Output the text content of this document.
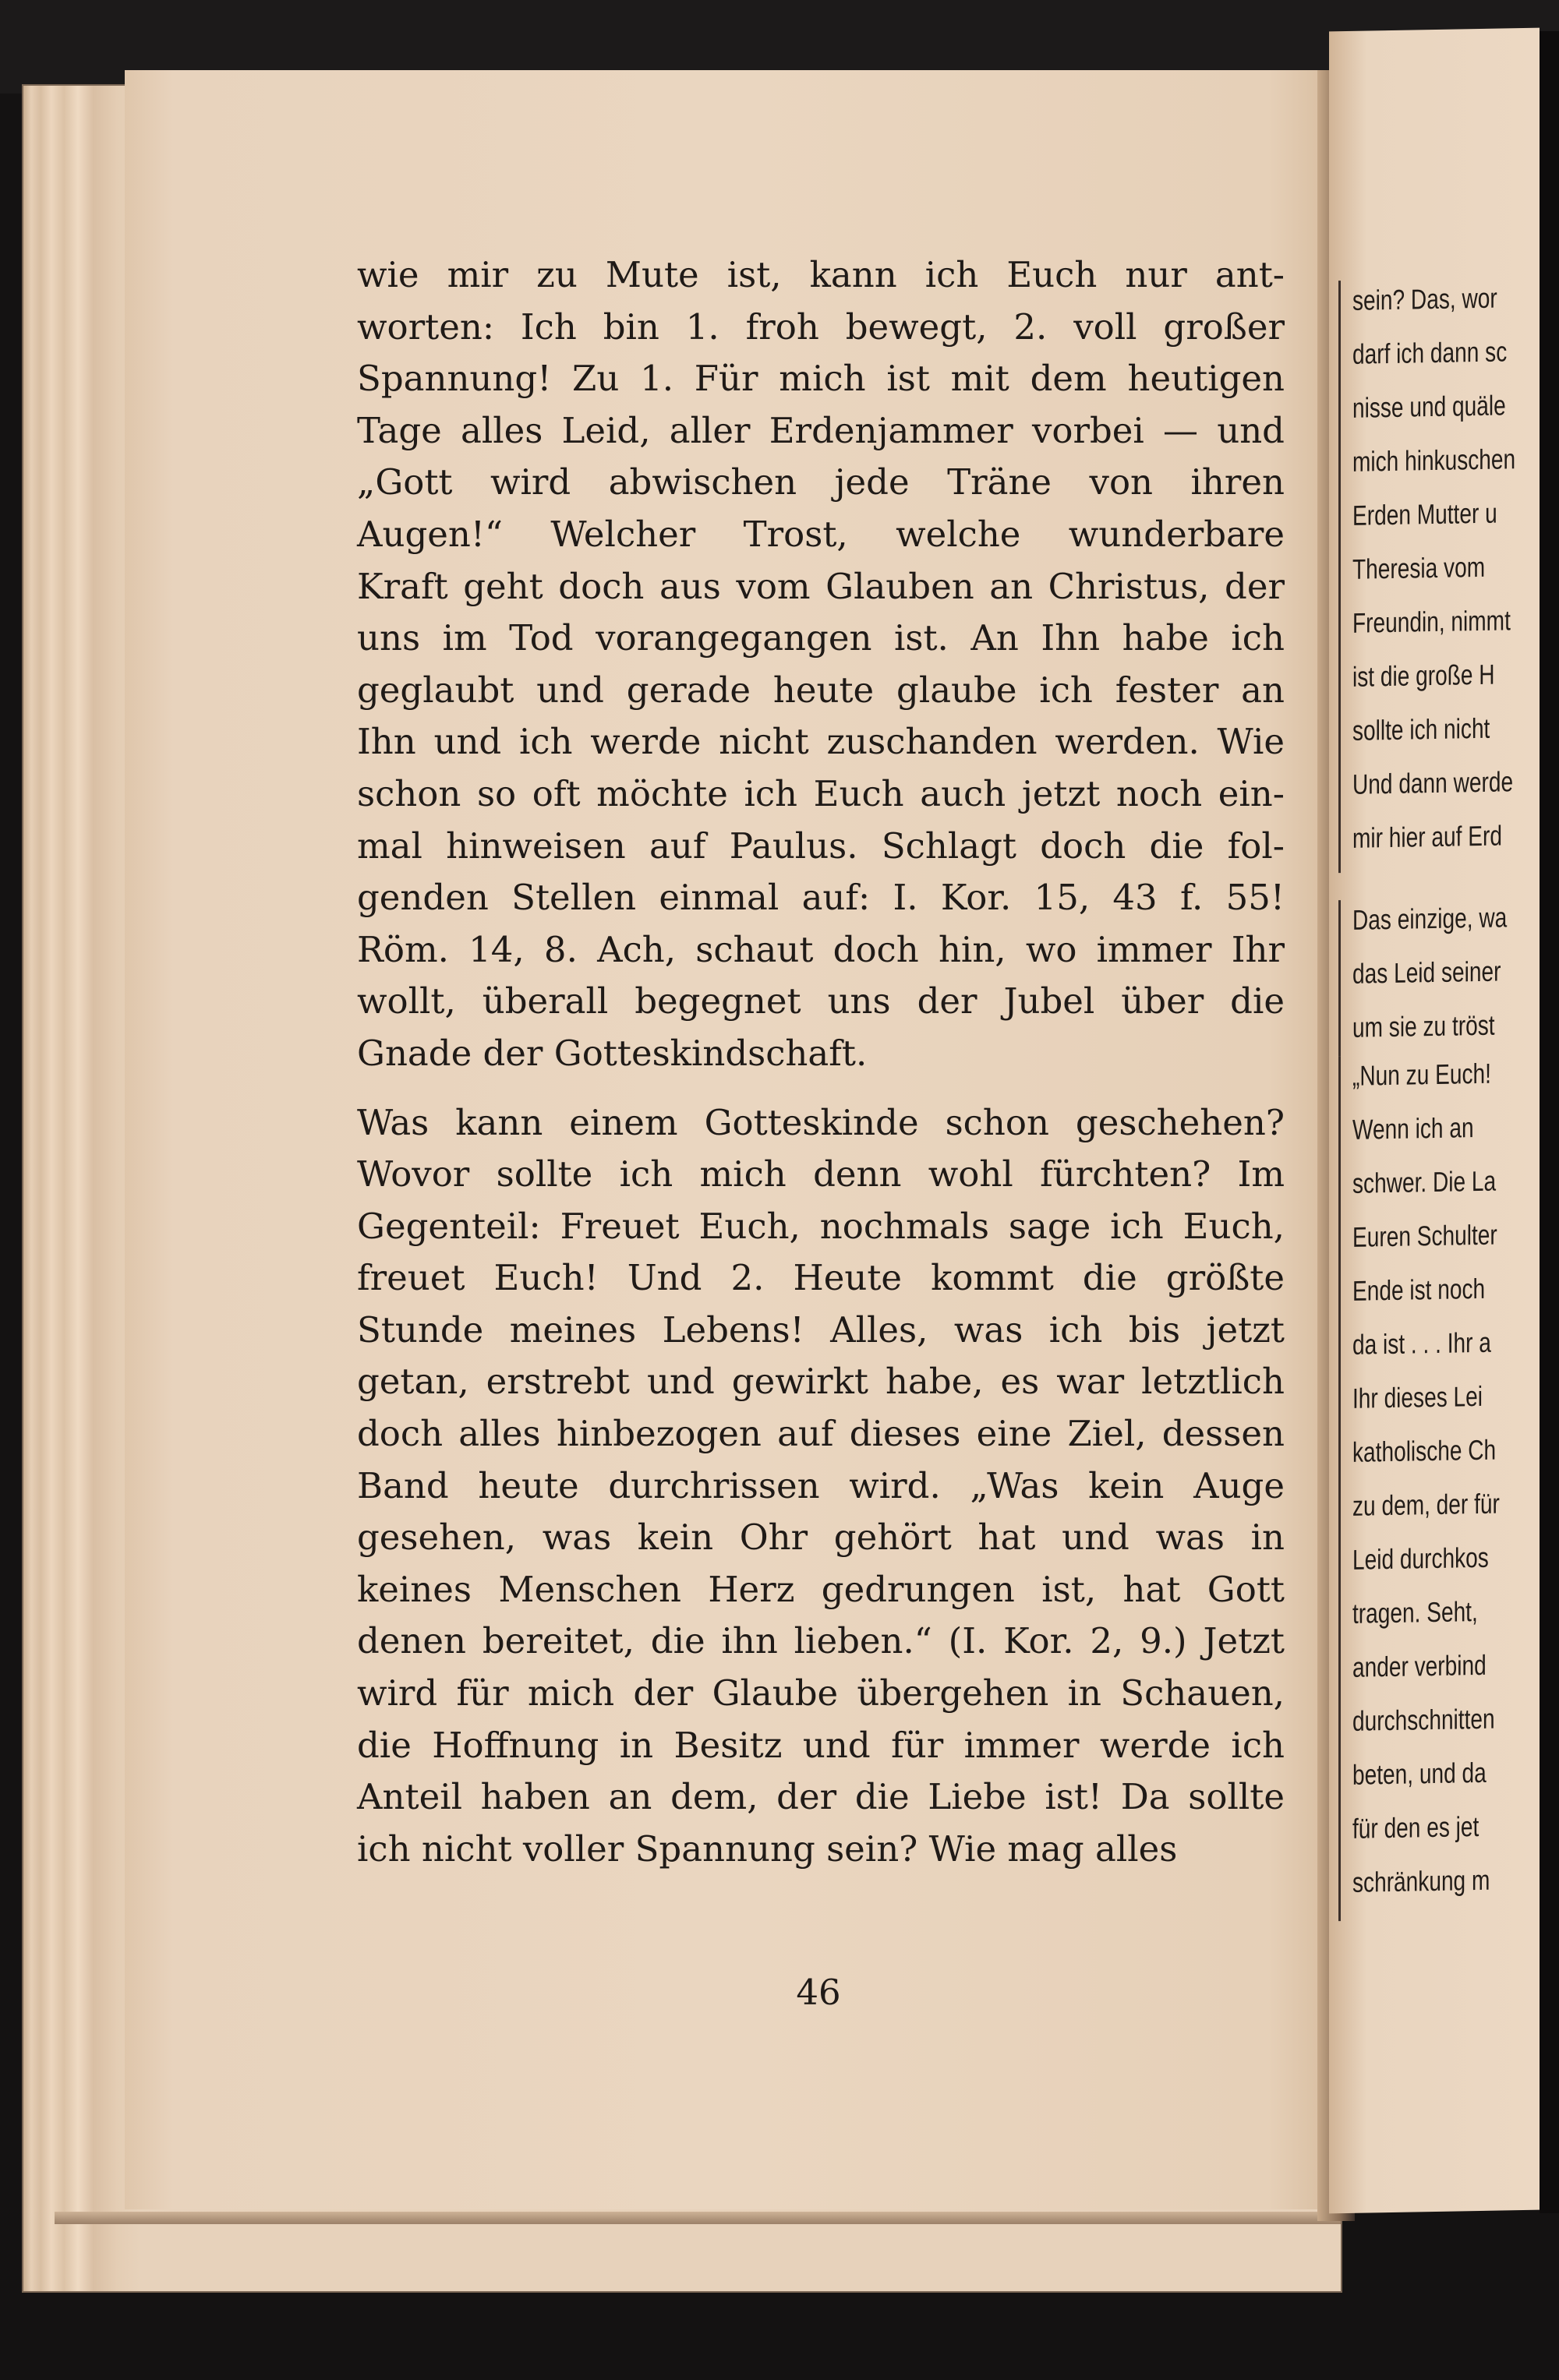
wie mir zu Mute ist, kann ich Euch nur ant-
worten: Ich bin 1. froh bewegt, 2. voll großer
Spannung! Zu 1. Für mich ist mit dem heutigen
Tage alles Leid, aller Erdenjammer vorbei — und
„Gott wird abwischen jede Träne von ihren
Augen!“ Welcher Trost, welche wunderbare
Kraft geht doch aus vom Glauben an Christus, der
uns im Tod vorangegangen ist. An Ihn habe ich
geglaubt und gerade heute glaube ich fester an
Ihn und ich werde nicht zuschanden werden. Wie
schon so oft möchte ich Euch auch jetzt noch ein-
mal hinweisen auf Paulus. Schlagt doch die fol-
genden Stellen einmal auf: I. Kor. 15, 43 f. 55!
Röm. 14, 8. Ach, schaut doch hin, wo immer Ihr
wollt, überall begegnet uns der Jubel über die
Gnade der Gotteskindschaft.
Was kann einem Gotteskinde schon geschehen?
Wovor sollte ich mich denn wohl fürchten? Im
Gegenteil: Freuet Euch, nochmals sage ich Euch,
freuet Euch! Und 2. Heute kommt die größte
Stunde meines Lebens! Alles, was ich bis jetzt
getan, erstrebt und gewirkt habe, es war letztlich
doch alles hinbezogen auf dieses eine Ziel, dessen
Band heute durchrissen wird. „Was kein Auge
gesehen, was kein Ohr gehört hat und was in
keines Menschen Herz gedrungen ist, hat Gott
denen bereitet, die ihn lieben.“ (I. Kor. 2, 9.) Jetzt
wird für mich der Glaube übergehen in Schauen,
die Hoffnung in Besitz und für immer werde ich
Anteil haben an dem, der die Liebe ist! Da sollte
ich nicht voller Spannung sein? Wie mag alles
46
sein? Das, wor
darf ich dann sc
nisse und quäle
mich hinkuschen
Erden Mutter u
Theresia vom
Freundin, nimmt
ist die große H
sollte ich nicht
Und dann werde
mir hier auf Erd
Das einzige, wa
das Leid seiner
um sie zu tröst
„Nun zu Euch!
Wenn ich an
schwer. Die La
Euren Schulter
Ende ist noch
da ist . . . Ihr a
Ihr dieses Lei
katholische Ch
zu dem, der für
Leid durchkos
tragen. Seht,
ander verbind
durchschnitten
beten, und da
für den es jet
schränkung m
